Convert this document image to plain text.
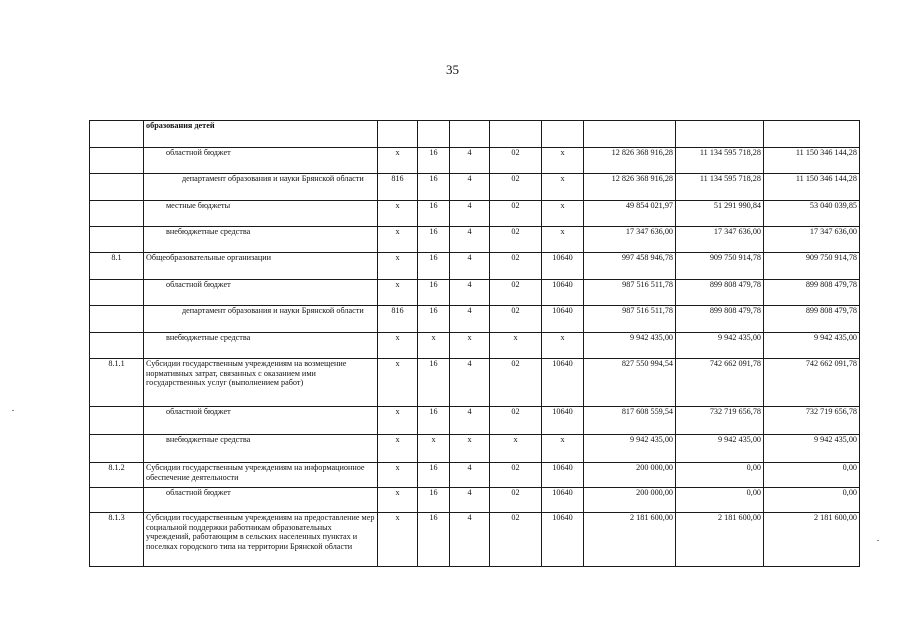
35
	образования детей								
	областной бюджет	х	16	4	02	х	12 826 368 916,28	11 134 595 718,28	11 150 346 144,28
	департамент образования и науки Брянской области	816	16	4	02	х	12 826 368 916,28	11 134 595 718,28	11 150 346 144,28
	местные бюджеты	х	16	4	02	х	49 854 021,97	51 291 990,84	53 040 039,85
	внебюджетные средства	х	16	4	02	х	17 347 636,00	17 347 636,00	17 347 636,00
8.1	Общеобразовательные организации	х	16	4	02	10640	997 458 946,78	909 750 914,78	909 750 914,78
	областной бюджет	х	16	4	02	10640	987 516 511,78	899 808 479,78	899 808 479,78
	департамент образования и науки Брянской области	816	16	4	02	10640	987 516 511,78	899 808 479,78	899 808 479,78
	внебюджетные средства	х	х	х	х	х	9 942 435,00	9 942 435,00	9 942 435,00
8.1.1	Субсидии государственным учреждениям на возмещение нормативных затрат, связанных с оказанием ими государственных услуг (выполнением работ)	х	16	4	02	10640	827 550 994,54	742 662 091,78	742 662 091,78
	областной бюджет	х	16	4	02	10640	817 608 559,54	732 719 656,78	732 719 656,78
	внебюджетные средства	х	х	х	х	х	9 942 435,00	9 942 435,00	9 942 435,00
8.1.2	Субсидии государственным учреждениям на информационное обеспечение деятельности	х	16	4	02	10640	200 000,00	0,00	0,00
	областной бюджет	х	16	4	02	10640	200 000,00	0,00	0,00
8.1.3	Субсидии государственным учреждениям на предоставление мер социальной поддержки работникам образовательных учреждений, работающим в сельских населенных пунктах и поселках городского типа на территории Брянской области	х	16	4	02	10640	2 181 600,00	2 181 600,00	2 181 600,00
